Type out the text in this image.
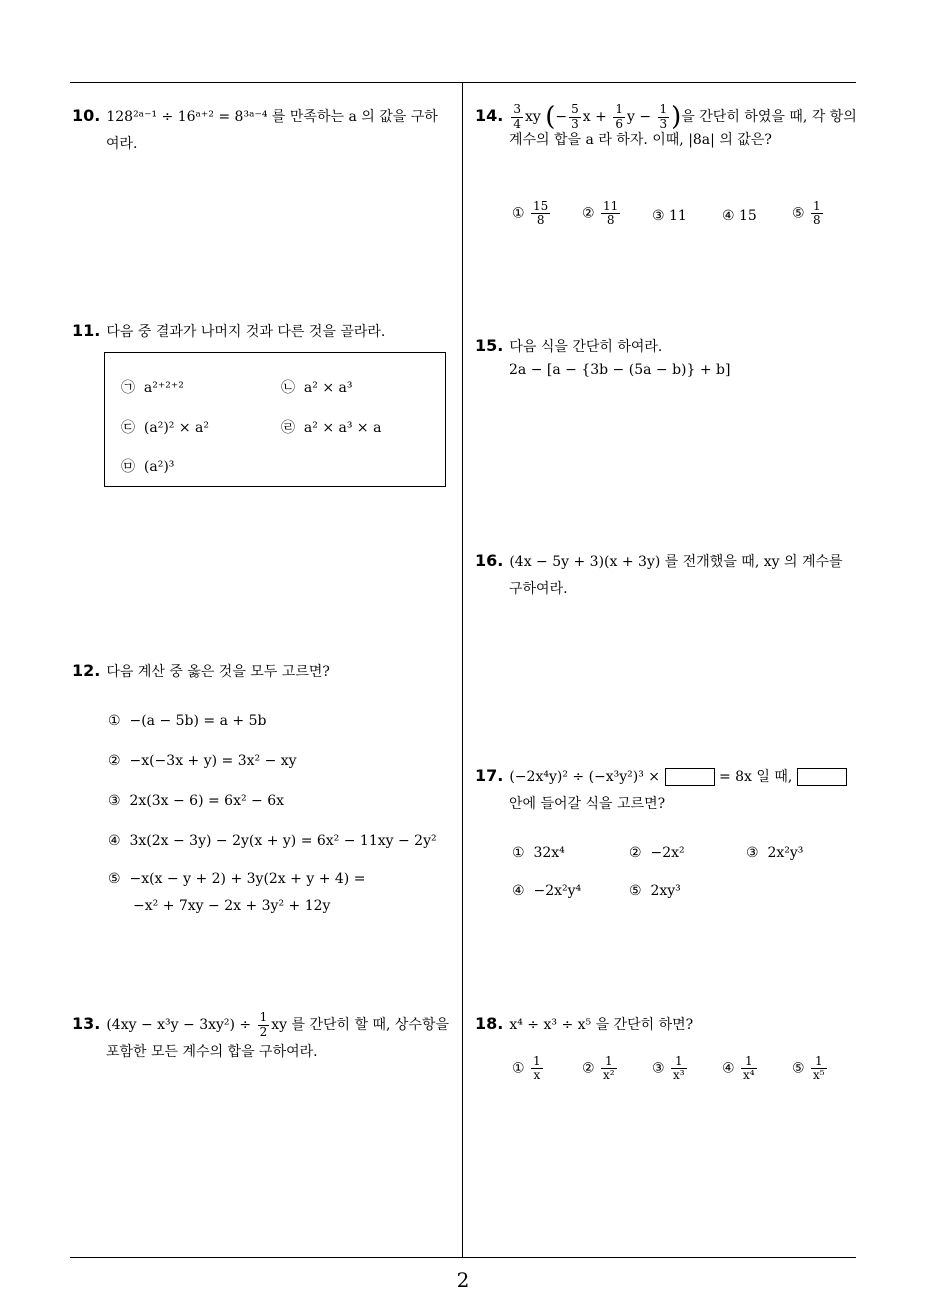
2
10. 128²ᵃ⁻¹ ÷ 16ᵃ⁺² = 8³ᵃ⁻⁴ 를 만족하는 a 의 값을 구하
여라.
11. 다음 중 결과가 나머지 것과 다른 것을 골라라.
㉠ a²⁺²⁺²	㉡ a² × a³
㉢ (a²)² × a²	㉣ a² × a³ × a
㉤ (a²)³
12. 다음 계산 중 옳은 것을 모두 고르면?
① −(a − 5b) = a + 5b
② −x(−3x + y) = 3x² − xy
③ 2x(3x − 6) = 6x² − 6x
④ 3x(2x − 3y) − 2y(x + y) = 6x² − 11xy − 2y²
⑤ −x(x − y + 2) + 3y(2x + y + 4) =
−x² + 7xy − 2x + 3y² + 12y
13. $(4xy - x^3y - 3xy^2) \div \frac{1}{2}$ xy 를 간단히 할 때, 상수항을
포함한 모든 계수의 합을 구하여라.
14. $\frac{3}{4}$ xy (− $\frac{5}{3}$ $x + \frac{1}{6}$ $y - \frac{1}{3}$ )을 간단히 하였을 때, 각 항의
계수의 합을 a 라 하자. 이때, |8a| 의 값은?
① $\frac{15}{8}$ ② $\frac{11}{8}$ ③ 11	④ 15	⑤ $\frac{1}{8}$
15. 다음 식을 간단히 하여라.
2a − [a − {3b − (5a − b)} + b]
16. (4x − 5y + 3)(x + 3y) 를 전개했을 때, xy 의 계수를
구하여라.
17. (−2x⁴y)² ÷ (−x³y²)³ ×	= 8x 일 때,
안에 들어갈 식을 고르면?
① 32x⁴	② −2x²	③ 2x²y³
④ −2x²y⁴	⑤ 2xy³
18. x⁴ ÷ x³ ÷ x⁵ 을 간단히 하면?
① $\frac{1}{x}$	② $\frac{1}{\text{x²}}$	③ $\frac{1}{\text{x³}}$	④ $\frac{1}{\text{x⁴}}$	⑤ $\frac{1}{\text{x⁵}}$
